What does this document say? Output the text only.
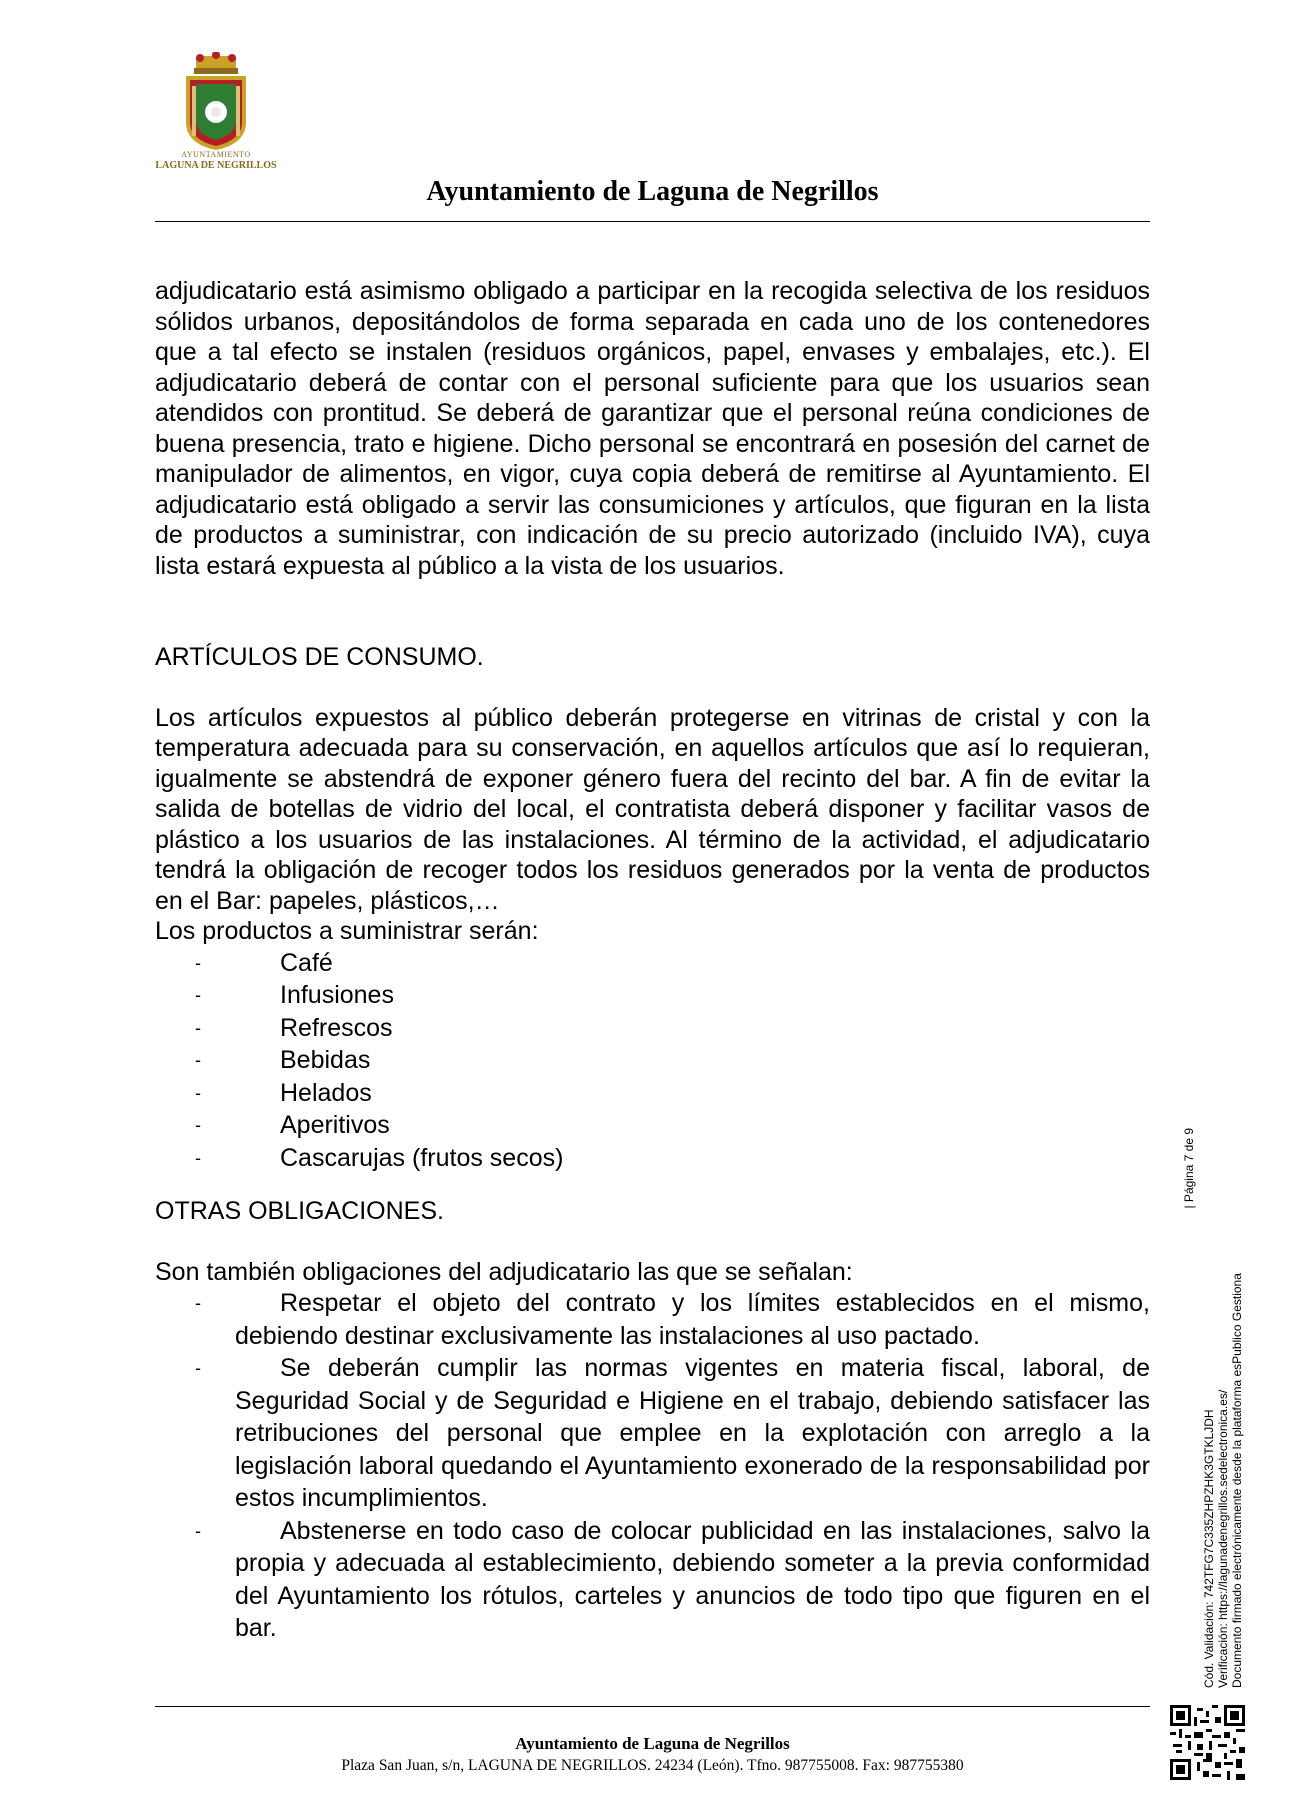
AYUNTAMIENTO
LAGUNA DE NEGRILLOS
Ayuntamiento de Laguna de Negrillos

adjudicatario está asimismo obligado a participar en la recogida selectiva de los residuos sólidos urbanos, depositándolos de forma separada en cada uno de los contenedores que a tal efecto se instalen (residuos orgánicos, papel, envases y embalajes, etc.). El adjudicatario deberá de contar con el personal suficiente para que los usuarios sean atendidos con prontitud. Se deberá de garantizar que el personal reúna condiciones de buena presencia, trato e higiene. Dicho personal se encontrará en posesión del carnet de manipulador de alimentos, en vigor, cuya copia deberá de remitirse al Ayuntamiento. El adjudicatario está obligado a servir las consumiciones y artículos, que figuran en la lista de productos a suministrar, con indicación de su precio autorizado (incluido IVA), cuya lista estará expuesta al público a la vista de los usuarios.

ARTÍCULOS DE CONSUMO.

Los artículos expuestos al público deberán protegerse en vitrinas de cristal y con la temperatura adecuada para su conservación, en aquellos artículos que así lo requieran, igualmente se abstendrá de exponer género fuera del recinto del bar. A fin de evitar la salida de botellas de vidrio del local, el contratista deberá disponer y facilitar vasos de plástico a los usuarios de las instalaciones. Al término de la actividad, el adjudicatario tendrá la obligación de recoger todos los residuos generados por la venta de productos en el Bar: papeles, plásticos,…

Los productos a suministrar serán:

-	Café
-	Infusiones
-	Refrescos
-	Bebidas
-	Helados
-	Aperitivos
-	Cascarujas (frutos secos)

OTRAS OBLIGACIONES.

Son también obligaciones del adjudicatario las que se señalan:

-	Respetar el objeto del contrato y los límites establecidos en el mismo, debiendo destinar exclusivamente las instalaciones al uso pactado.
-	Se deberán cumplir las normas vigentes en materia fiscal, laboral, de Seguridad Social y de Seguridad e Higiene en el trabajo, debiendo satisfacer las retribuciones del personal que emplee en la explotación con arreglo a la legislación laboral quedando el Ayuntamiento exonerado de la responsabilidad por estos incumplimientos.
-	Abstenerse en todo caso de colocar publicidad en las instalaciones, salvo la propia y adecuada al establecimiento, debiendo someter a la previa conformidad del Ayuntamiento los rótulos, carteles y anuncios de todo tipo que figuren en el bar.
Ayuntamiento de Laguna de Negrillos
Plaza San Juan, s/n, LAGUNA DE NEGRILLOS. 24234 (León). Tfno. 987755008. Fax: 987755380
Cód. Validación: 742TFG7C335ZHPZHK3GTKLJDH Verificación: https://lagunadenegrillos.sedelectronica.es/ Documento firmado electrónicamente desde la plataforma esPublico Gestiona
| Página 7 de 9
